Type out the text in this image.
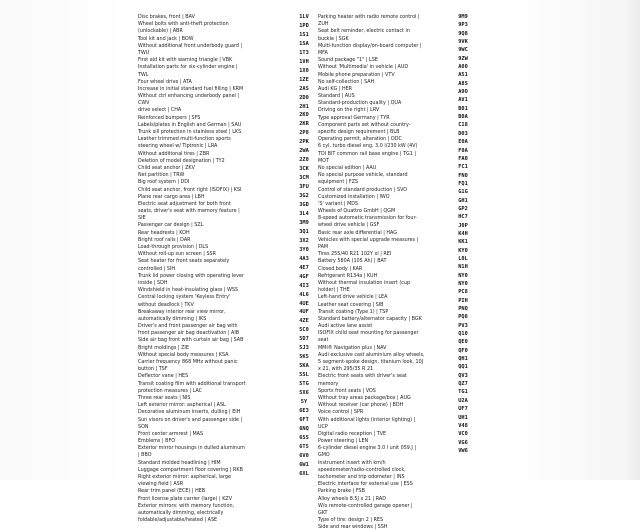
Disc brakes, front | BAV
Wheel bolts with anti-theft protection
(unlockable) | ABR
Tool kit and jack | BOW
Without additional front underbody guard |
TWU
First aid kit with warning triangle | VBK
Installation parts for six-cylinder engine |
TWL
Four wheel drive | ATA
Increase in initial standard fuel filling | KRM
Without ctrl enhancing underbody panel |
CWV
drive select | CHA
Reinforced bumpers | SFS
Labels/plates in English and German | SAU
Trunk sill protection in stainless steel | LKS
Leather trimmed multi-function sports
steering wheel w/ Tiptronic | LRA
Without additional tires | ZBR
Deletion of model designation | TY2
Child seat anchor | ZKV
Net partition | TRW
Big roof system | DDI
Child seat anchor, front right (ISOFIX) | KSI
Plane rear cargo area | LBH
Electric seat adjustment for both front
seats, driver's seat with memory feature |
SIE
Passenger car design | SZL
Rear headrests | KOH
Bright roof rails | DAR
Load-through provision | DLS
Without roll-up sun screen | SSR
Seat heater for front seats separately
controlled | SIH
Trunk lid power closing with operating lever
inside | SDH
Windshield in heat-insulating glass | WSS
Central locking system 'Keyless Entry'
without deadlock | TKV
Breakaway interior rear view mirror,
automatically dimming | IKS
Driver's and front passenger air bag with
front passenger air bag deactivation | AIB
Side air bag front with curtain air bag | SAB
Bright moldings | ZIE
Without special body measures | KSA
Carrier frequency 868 MHz without panic
button | TSF
Deflector vane | HES
Transit coating film with additional transport
protection measures | LAC
Three rear seats | NIS
Left exterior mirror: aspherical | ASL
Decorative aluminum inserts, dulling | EIH
Sun visors on driver's and passenger side |
SON
Front center armrest | MAS
Emblems | BFO
Exterior mirror housings in dulled aluminum
| BBO
Standard molded headlining | HIM
Luggage compartment floor covering | RKB
Right exterior mirror: aspherical, large
viewing field | ASR
Rear trim panel (ECE) | HEB
Front license plate carrier (large) | KZV
Exterior mirrors: with memory function,
automatically dimming, electrically
foldable/adjustable/heated | ASE
1LV
1PD
1S1
1SA
1T3
1VH
1X0
1ZE
2AS
2D0
2H1
2K0
2KR
2P8
2PK
2WA
2Z0
3CK
3CM
3FU
3G2
3GD
3L4
3M9
3Q1
3X2
3Y0
4A3
4E7
4GF
4I3
4L6
4UE
4UF
4ZE
5C0
5D7
5J3
5K5
5KA
5SL
5TG
5X6
5Y
6E3
6FT
6NQ
6SS
6T5
6V0
6W1
6XL
Parking heater with radio remote control |
ZUH
Seat belt reminder, electric contact in
buckle | SGK
Multi-function display/on-board computer |
MFA
Sound package "1" | LSE
Without 'Multimedia' in vehicle | AUD
Mobile phone preparation | VTV
No self-collection | SAH
Audi KG | HER
Standard | AUS
Standard-production quality | QUA
Driving on the right | LRV
Type approval Germany | TYR
Component parts set without country-
specific design requirement | BLB
Operating permit, alteration | ODC
6 cyl. turbo diesel eng. 3.0 l/230 kW (4V)
TDI BIT common rail base engine | TG1 |
MOT
No special edition | AAU
No special purpose vehicle, standard
equipment | FZS
Control of standard production | SVO
Customized installation | IWO
'S' variant | MDS
Wheels of Quattro GmbH | QGM
8-speed automatic transmission for four-
wheel drive vehicle | GSF
Basic rear axle differential | HAG
Vehicles with special upgrade measures |
PAM
Tires 255/40 R21 102Y xl | REI
Battery 580A (105 Ah) | BAT
Closed body | KAR
Refrigerant R134a | KUH
Without thermal insulation insert (cup
holder) | THE
Left-hand drive vehicle | LEA
Leather seat covering | SIB
Transit coating (Type 1) | TSP
Standard battery/alternator capacity | BGK
Audi active lane assist
ISOFIX child seat mounting for passenger
seat
MMI® Navigation plus | NAV
Audi exclusive cast aluminium alloy wheels,
5 segment-spoke design, titanium look, 10J
x 21, with 295/35 R 21
Electric front seats with driver's seat
memory
Sports front seats | VOS
Without tray areas package/box | AUG
Without receiver (car phone) | BDH
Voice control | SPR
With additional lights (interior lighting) |
UCP
Digital radio reception | TVE
Power steering | LEN
6-cylinder diesel engine 3.0 l unit 059.J |
GMO
Instrument insert with km/h
speedometer/radio-controlled clock,
tachometer and trip odometer | INS
Electric interface for external use | ESS
Parking brake | FSB
Alloy wheels 8.5J x 21 | RAD
W/o remote-controlled garage opener |
GKT
Type of tire: design 2 | RES
Side and rear windows | SSH
9M9
9P3
9Q8
9VK
9WC
9ZW
A00
A51
A8S
A9O
AV1
B01
B0A
C18
D03
E0A
F0A
FA0
FC1
FN0
FQ1
G1G
GH1
GP2
HC7
J0P
K4H
KK1
KY0
L0L
N1H
NY0
NY0
PC8
PIH
PNQ
PQ8
PV3
Q10
QE0
QF0
QH1
QQ1
QV3
QZ7
TG1
U2A
UF7
UH1
V48
VC0
VG6
VW6
